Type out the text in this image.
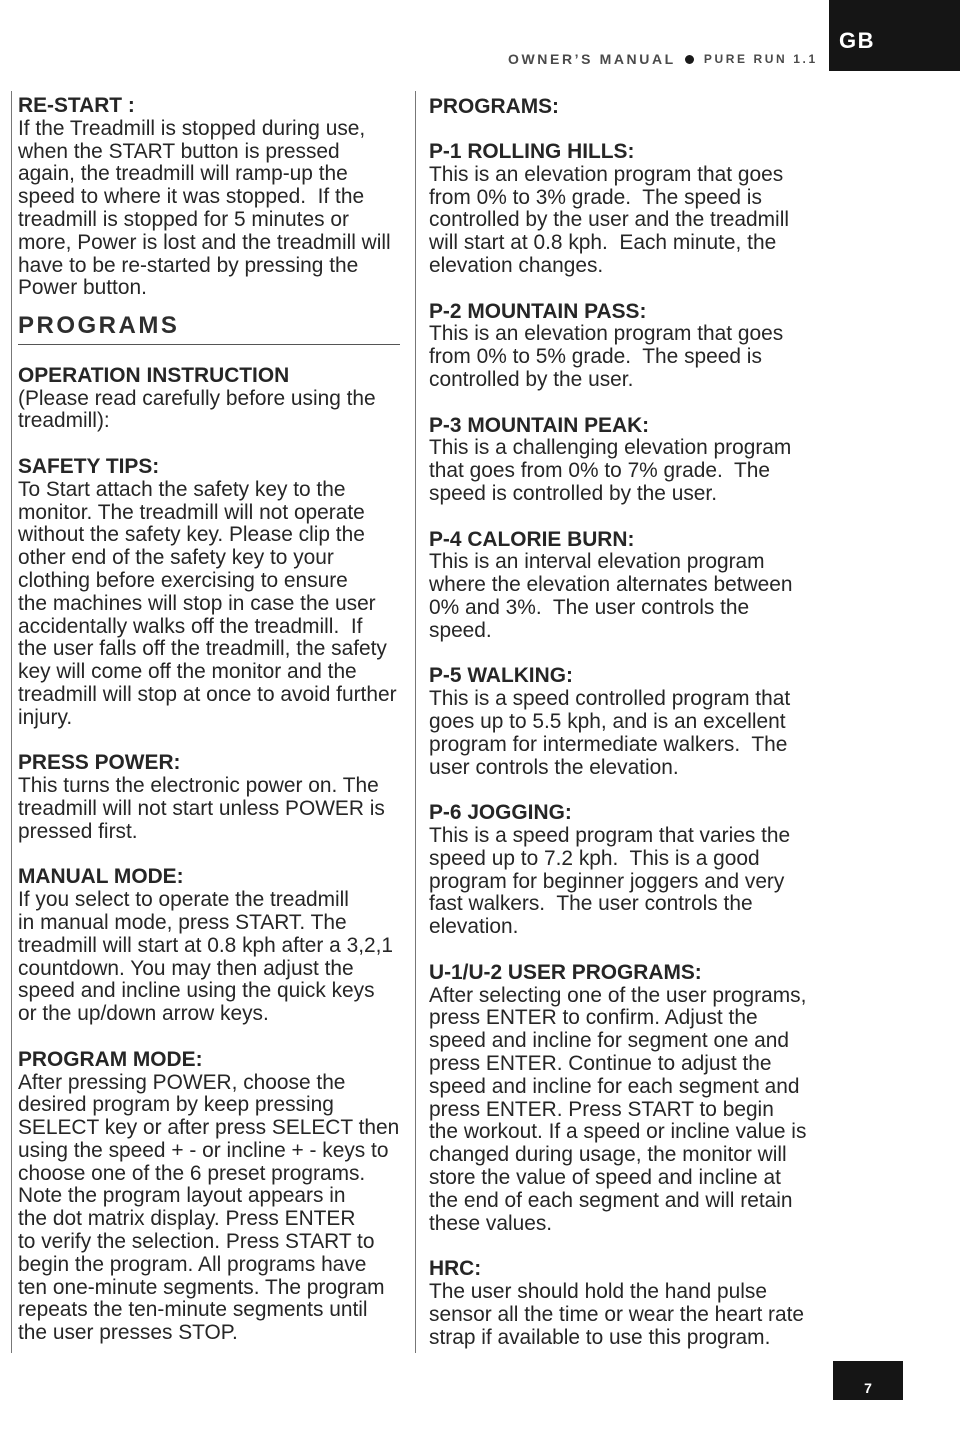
OWNER’S MANUAL PURE RUN 1.1
GB
RE-START :
If the Treadmill is stopped during use,
when the START button is pressed
again, the treadmill will ramp-up the
speed to where it was stopped.  If the
treadmill is stopped for 5 minutes or
more, Power is lost and the treadmill will
have to be re-started by pressing the
Power button.
PROGRAMS
OPERATION INSTRUCTION
(Please read carefully before using the
treadmill):
SAFETY TIPS:
To Start attach the safety key to the
monitor. The treadmill will not operate
without the safety key. Please clip the
other end of the safety key to your
clothing before exercising to ensure
the machines will stop in case the user
accidentally walks off the treadmill.  If
the user falls off the treadmill, the safety
key will come off the monitor and the
treadmill will stop at once to avoid further
injury.
PRESS POWER:
This turns the electronic power on. The
treadmill will not start unless POWER is
pressed first.
MANUAL MODE:
If you select to operate the treadmill
in manual mode, press START. The
treadmill will start at 0.8 kph after a 3,2,1
countdown. You may then adjust the
speed and incline using the quick keys
or the up/down arrow keys.
PROGRAM MODE:
After pressing POWER, choose the
desired program by keep pressing
SELECT key or after press SELECT then
using the speed + - or incline + - keys to
choose one of the 6 preset programs.
Note the program layout appears in
the dot matrix display. Press ENTER
to verify the selection. Press START to
begin the program. All programs have
ten one-minute segments. The program
repeats the ten-minute segments until
the user presses STOP.
PROGRAMS:
P-1 ROLLING HILLS:
This is an elevation program that goes
from 0% to 3% grade.  The speed is
controlled by the user and the treadmill
will start at 0.8 kph.  Each minute, the
elevation changes.
P-2 MOUNTAIN PASS:
This is an elevation program that goes
from 0% to 5% grade.  The speed is
controlled by the user.
P-3 MOUNTAIN PEAK:
This is a challenging elevation program
that goes from 0% to 7% grade.  The
speed is controlled by the user.
P-4 CALORIE BURN:
This is an interval elevation program
where the elevation alternates between
0% and 3%.  The user controls the
speed.
P-5 WALKING:
This is a speed controlled program that
goes up to 5.5 kph, and is an excellent
program for intermediate walkers.  The
user controls the elevation.
P-6 JOGGING:
This is a speed program that varies the
speed up to 7.2 kph.  This is a good
program for beginner joggers and very
fast walkers.  The user controls the
elevation.
U-1/U-2 USER PROGRAMS:
After selecting one of the user programs,
press ENTER to confirm. Adjust the
speed and incline for segment one and
press ENTER. Continue to adjust the
speed and incline for each segment and
press ENTER. Press START to begin
the workout. If a speed or incline value is
changed during usage, the monitor will
store the value of speed and incline at
the end of each segment and will retain
these values.
HRC:
The user should hold the hand pulse
sensor all the time or wear the heart rate
strap if available to use this program.
7
